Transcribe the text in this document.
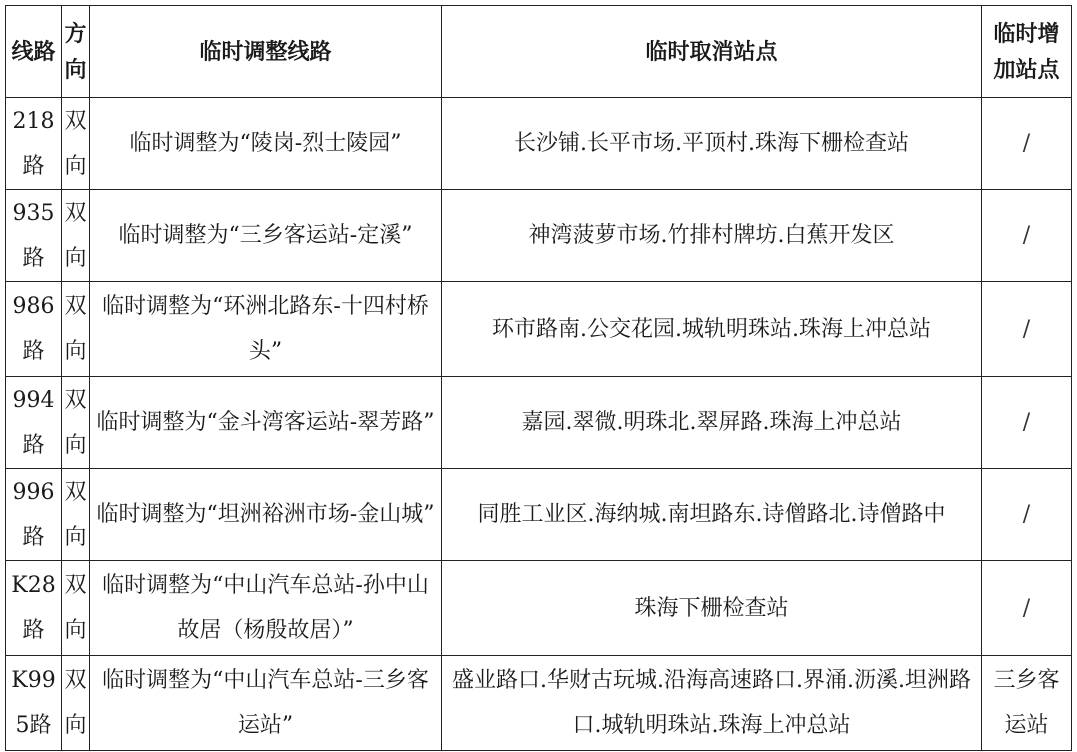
线路	方向	临时调整线路	临时取消站点	临时增加站点
218路	双向	临时调整为“陵岗-烈士陵园”	长沙铺.长平市场.平顶村.珠海下栅检查站	/
935路	双向	临时调整为“三乡客运站-定溪”	神湾菠萝市场.竹排村牌坊.白蕉开发区	/
986路	双向	临时调整为“环洲北路东-十四村桥头”	环市路南.公交花园.城轨明珠站.珠海上冲总站	/
994路	双向	临时调整为“金斗湾客运站-翠芳路”	嘉园.翠微.明珠北.翠屏路.珠海上冲总站	/
996路	双向	临时调整为“坦洲裕洲市场-金山城”	同胜工业区.海纳城.南坦路东.诗僧路北.诗僧路中	/
K28路	双向	临时调整为“中山汽车总站-孙中山故居（杨殷故居）”	珠海下栅检查站	/
K995路	双向	临时调整为“中山汽车总站-三乡客运站”	盛业路口.华财古玩城.沿海高速路口.界涌.沥溪.坦洲路口.城轨明珠站.珠海上冲总站	三乡客运站
